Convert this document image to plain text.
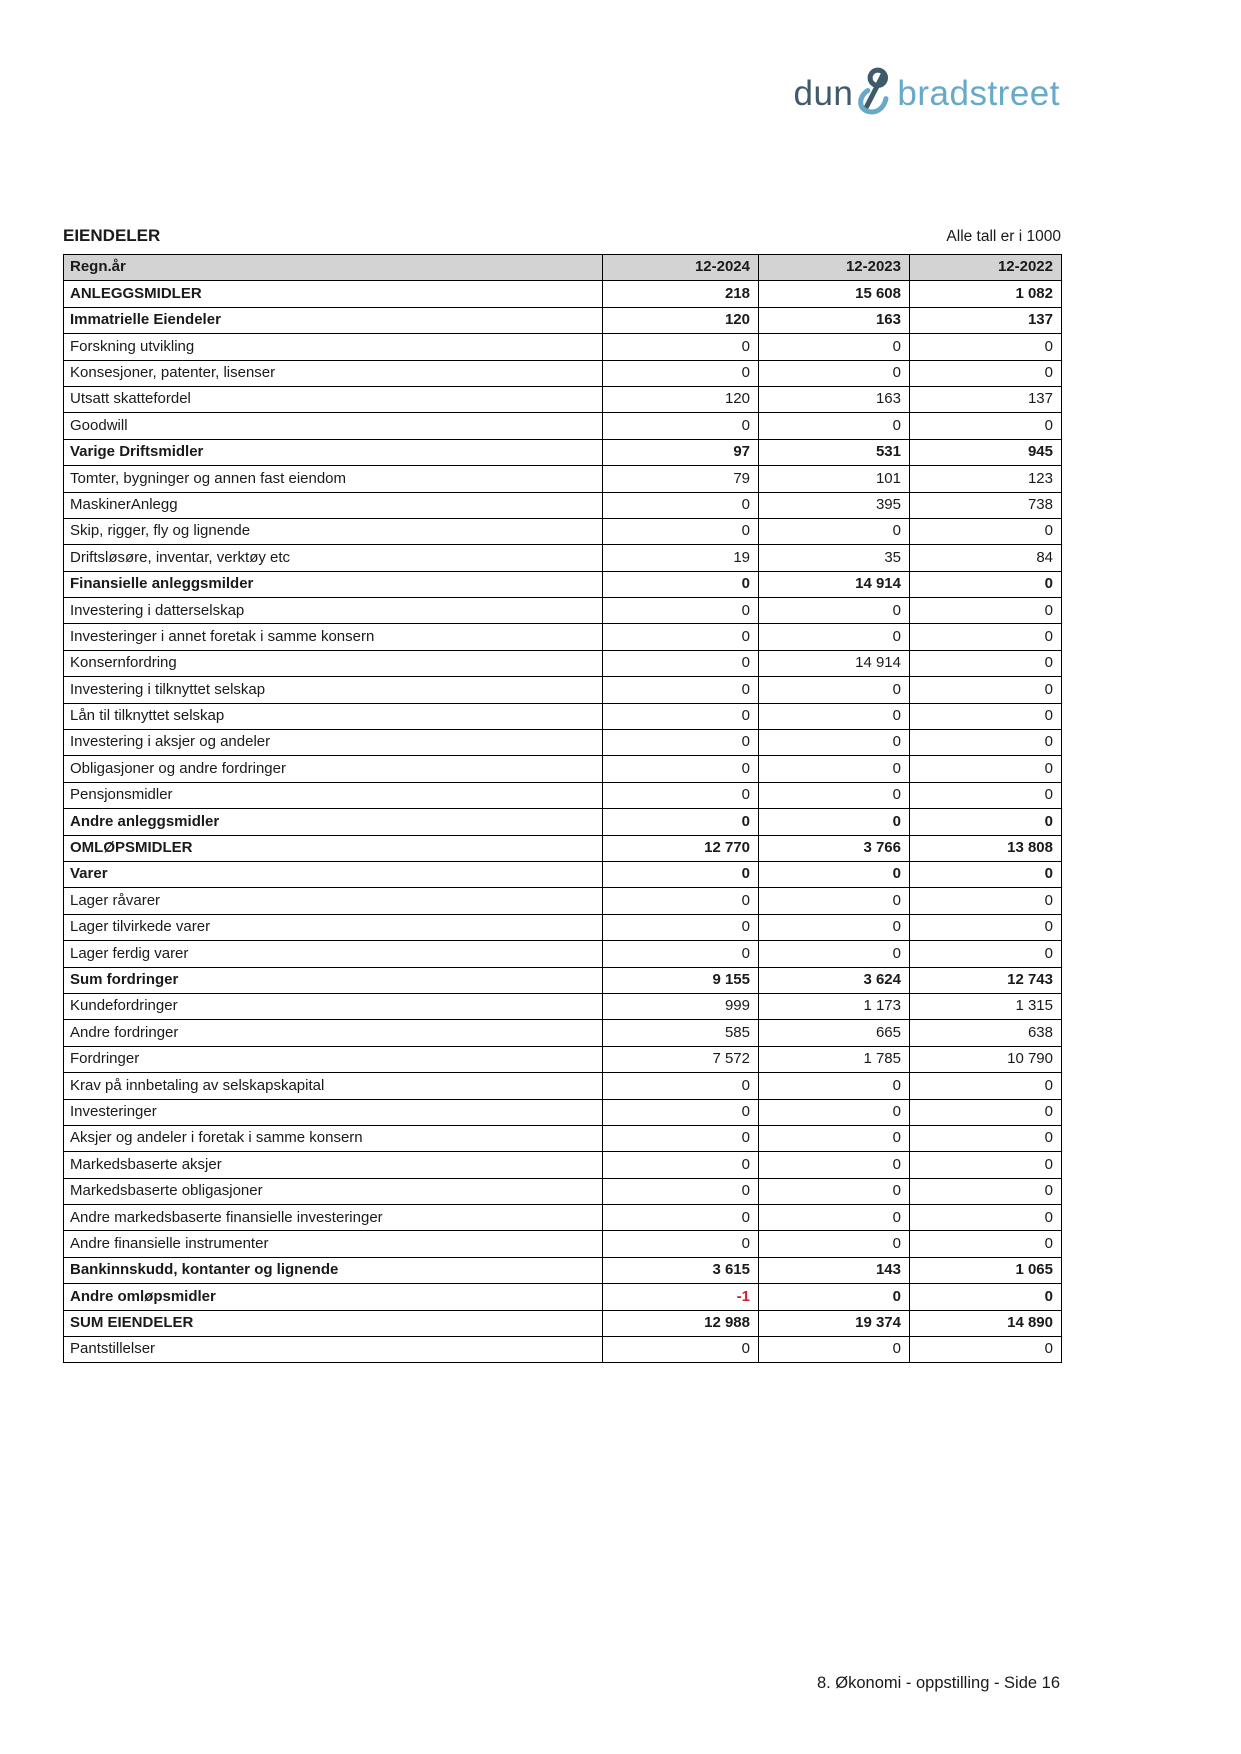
dun bradstreet
EIENDELER	Alle tall er i 1000
Regn.år	12-2024	12-2023	12-2022
ANLEGGSMIDLER	218	15 608	1 082
Immatrielle Eiendeler	120	163	137
Forskning utvikling	0	0	0
Konsesjoner, patenter, lisenser	0	0	0
Utsatt skattefordel	120	163	137
Goodwill	0	0	0
Varige Driftsmidler	97	531	945
Tomter, bygninger og annen fast eiendom	79	101	123
MaskinerAnlegg	0	395	738
Skip, rigger, fly og lignende	0	0	0
Driftsløsøre, inventar, verktøy etc	19	35	84
Finansielle anleggsmilder	0	14 914	0
Investering i datterselskap	0	0	0
Investeringer i annet foretak i samme konsern	0	0	0
Konsernfordring	0	14 914	0
Investering i tilknyttet selskap	0	0	0
Lån til tilknyttet selskap	0	0	0
Investering i aksjer og andeler	0	0	0
Obligasjoner og andre fordringer	0	0	0
Pensjonsmidler	0	0	0
Andre anleggsmidler	0	0	0
OMLØPSMIDLER	12 770	3 766	13 808
Varer	0	0	0
Lager råvarer	0	0	0
Lager tilvirkede varer	0	0	0
Lager ferdig varer	0	0	0
Sum fordringer	9 155	3 624	12 743
Kundefordringer	999	1 173	1 315
Andre fordringer	585	665	638
Fordringer	7 572	1 785	10 790
Krav på innbetaling av selskapskapital	0	0	0
Investeringer	0	0	0
Aksjer og andeler i foretak i samme konsern	0	0	0
Markedsbaserte aksjer	0	0	0
Markedsbaserte obligasjoner	0	0	0
Andre markedsbaserte finansielle investeringer	0	0	0
Andre finansielle instrumenter	0	0	0
Bankinnskudd, kontanter og lignende	3 615	143	1 065
Andre omløpsmidler	-1	0	0
SUM EIENDELER	12 988	19 374	14 890
Pantstillelser	0	0	0
8. Økonomi - oppstilling - Side 16
